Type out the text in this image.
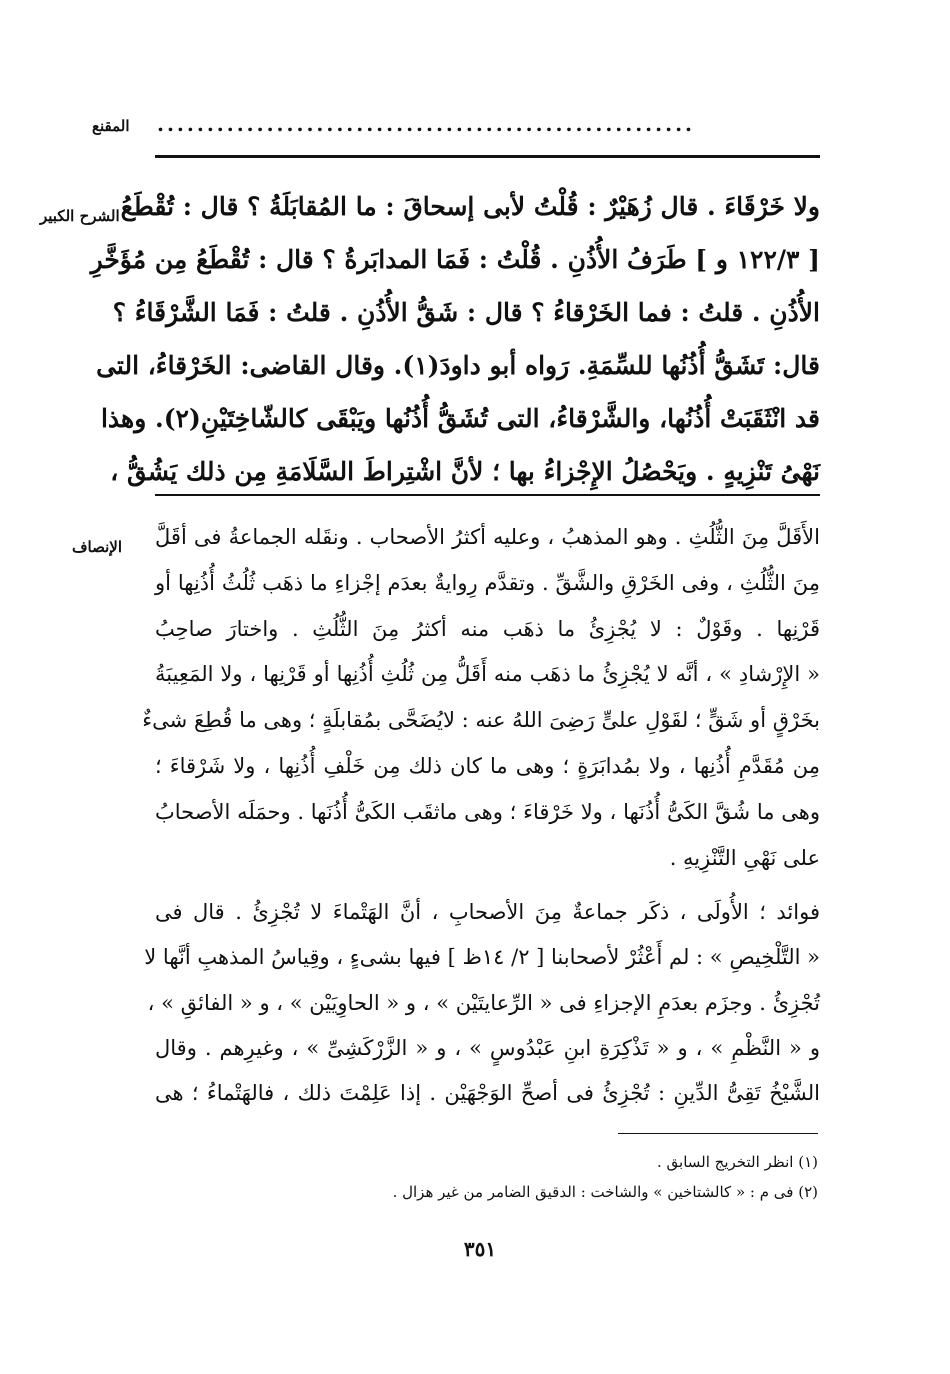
المقنع ......................................................
الشرح الكبير ولا خَرْقَاءَ . قال زُهَيْرٌ : قُلْتُ لأبى إسحاقَ : ما المُقابَلَةُ ؟ قال : تُقْطَعُ
[ ١٢٢/٣ و ] طَرَفُ الأُذُنِ . قُلْتُ : فَمَا المدابَرةُ ؟ قال : تُقْطَعُ مِن مُؤَخَّرِ
الأُذُنِ . قلتُ : فما الخَرْقاءُ ؟ قال : شَقُّ الأُذُنِ . قلتُ : فَمَا الشَّرْقَاءُ ؟
قال: تَشَقُّ أُذُنُها للسِّمَةِ. رَواه أبو داودَ(١). وقال القاضى: الخَرْقاءُ، التى
قد انْثَقَبَتْ أُذُنُها، والشَّرْقاءُ، التى تُشَقُّ أُذُنُها ويَبْقَى كالشّاخِتَيْنِ(٢). وهذا
نَهْىُ تَنْزِيهٍ . ويَحْصُلُ الإِجْزاءُ بها ؛ لأنَّ اشْتِراطَ السَّلَامَةِ مِن ذلك يَشُقُّ ،
الإنصاف الأَقَلَّ مِنَ الثُّلُثِ . وهو المذهبُ ، وعليه أكثرُ الأصحاب . ونقَله الجماعةُ فى أقَلَّ
مِنَ الثُّلُثِ ، وفى الخَرْقِ والشَّقِّ . وتقدَّم رِوايةٌ بعدَم إجْزاءِ ما ذهَب ثُلُثُ أُذُنِها أو
قَرْنِها . وقَوْلٌ : لا يُجْزِئُ ما ذهَب منه أكثرُ مِنَ الثُّلُثِ . واختارَ صاحِبُ
« الإِرْشادِ » ، أنَّه لا يُجْزِئُ ما ذهَب منه أَقَلُّ مِن ثُلُثِ أُذُنِها أو قَرْنِها ، ولا المَعِيبَةُ
بخَرْقٍ أو شَقٍّ ؛ لقَوْلِ علىٍّ رَضِىَ اللهُ عنه : لايُضَحَّى بمُقابلَةٍ ؛ وهى ما قُطِعَ شىءٌ
مِن مُقَدَّمِ أُذُنِها ، ولا بمُدابَرَةٍ ؛ وهى ما كان ذلك مِن خَلْفِ أُذُنِها ، ولا شَرْقاءَ ؛
وهى ما شُقَّ الكَىُّ أُذُنَها ، ولا خَرْقاءَ ؛ وهى ماثقَب الكَىُّ أُذُنَها . وحمَلَه الأصحابُ
على نَهْىِ التَّنْزِيهِ .
فوائد ؛ الأُولَى ، ذكَر جماعةٌ مِنَ الأصحابِ ، أنَّ الهَتْماءَ لا تُجْزِئُ . قال فى
« التَّلْخِيصِ » : لم أَعْثُرْ لأصحابنا [ ٢/ ١٤ظ ] فيها بشىءٍ ، وقِياسُ المذهبِ أنَّها لا
تُجْزِئُ . وجزَم بعدَمِ الإجزاءِ فى « الرِّعايتَيْن » ، و « الحاوِيَيْن » ، و « الفائقِ » ،
و « النَّظْمِ » ، و « تَذْكِرَةِ ابنِ عَبْدُوسٍ » ، و « الزَّرْكَشِىِّ » ، وغيرِهم . وقال
الشَّيْخُ تَقِىُّ الدِّينِ : تُجْزِئُ فى أصحِّ الوَجْهَيْن . إذا عَلِمْتَ ذلك ، فالهَتْماءُ ؛ هى
(١) انظر التخريج السابق .
(٢) فى م : « كالشتاخين » والشاخت : الدقيق الضامر من غير هزال .
٣٥١
